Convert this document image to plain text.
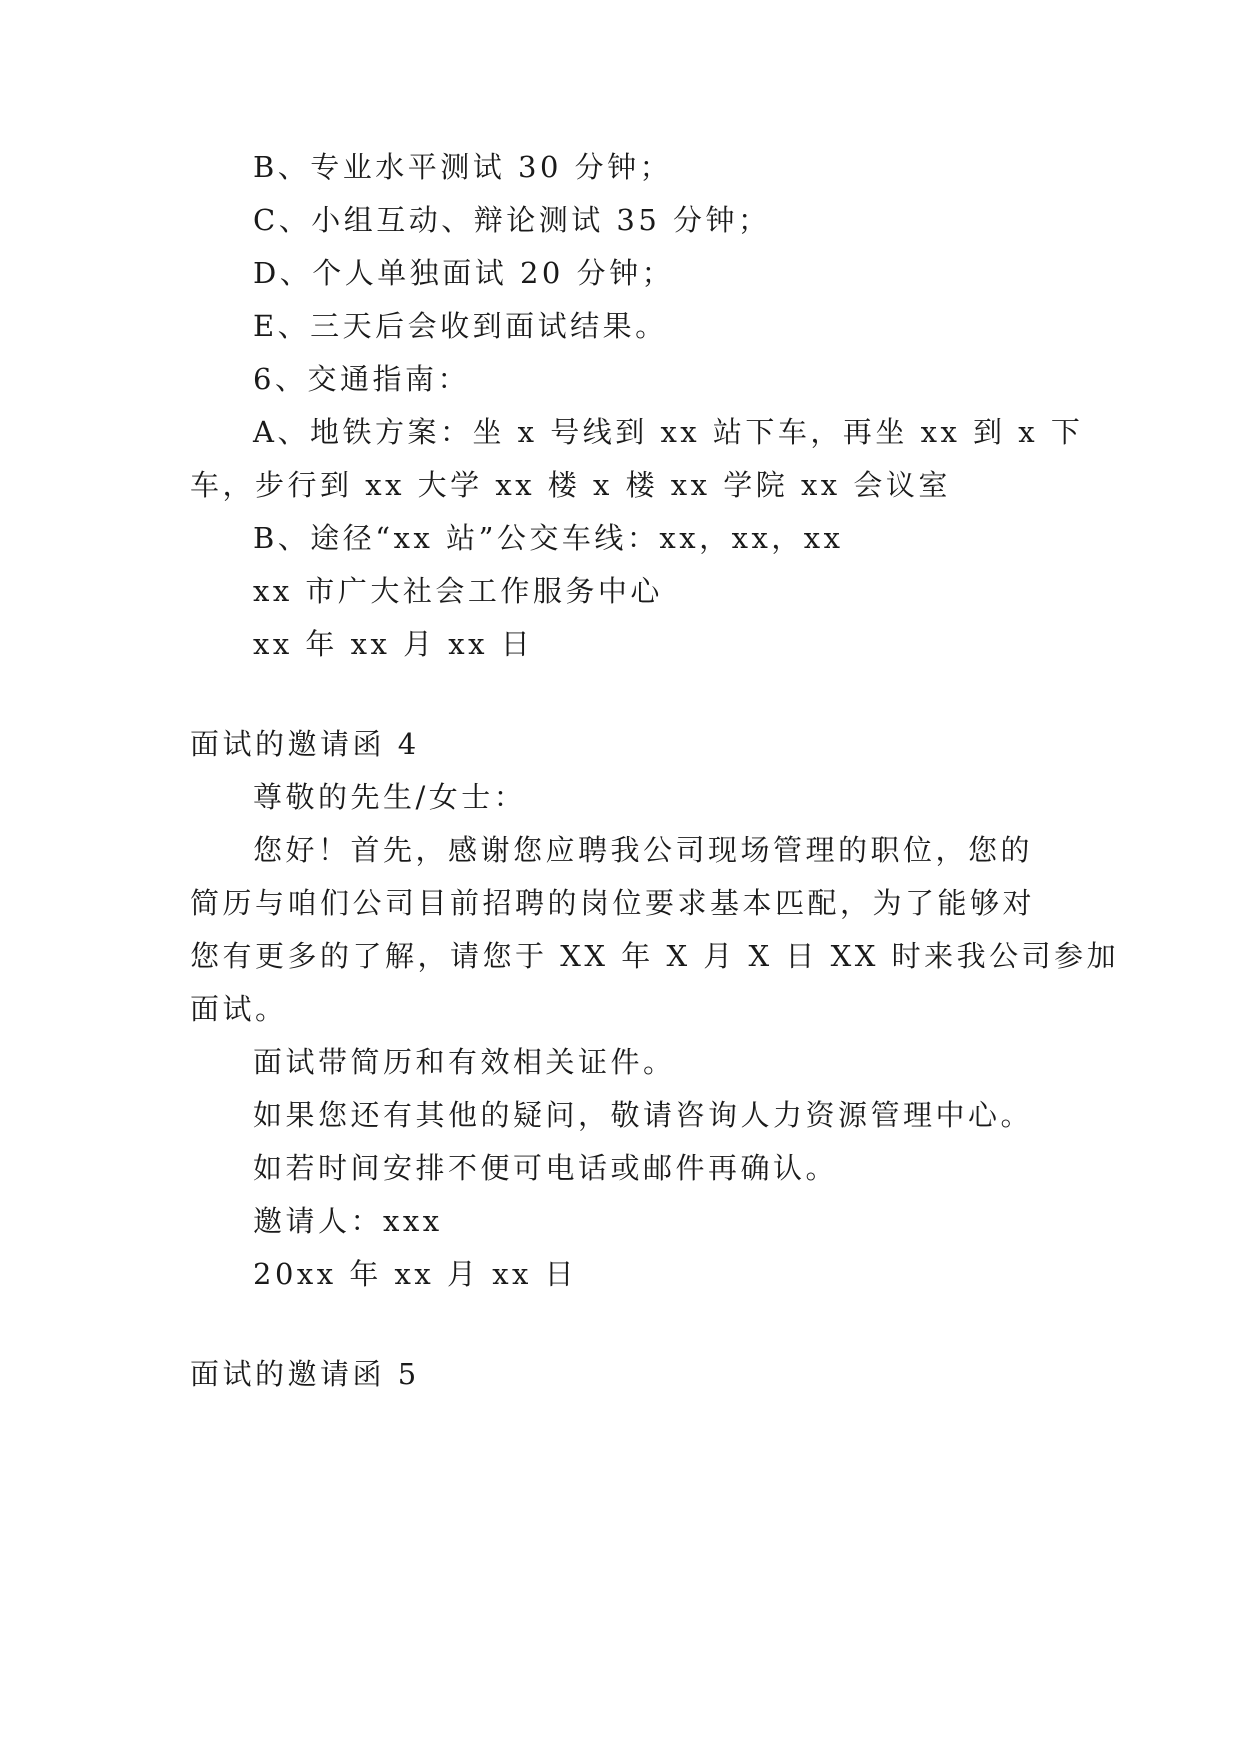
B、专业水平测试 30 分钟；
C、小组互动、辩论测试 35 分钟；
D、个人单独面试 20 分钟；
E、三天后会收到面试结果。
6、交通指南：
A、地铁方案：坐 x 号线到 xx 站下车，再坐 xx 到 x 下
车，步行到 xx 大学 xx 楼 x 楼 xx 学院 xx 会议室
B、途径“xx 站”公交车线：xx，xx，xx
xx 市广大社会工作服务中心
xx 年 xx 月 xx 日
面试的邀请函 4
尊敬的先生/女士：
您好！首先，感谢您应聘我公司现场管理的职位，您的
简历与咱们公司目前招聘的岗位要求基本匹配，为了能够对
您有更多的了解，请您于 XX 年 X 月 X 日 XX 时来我公司参加
面试。
面试带简历和有效相关证件。
如果您还有其他的疑问，敬请咨询人力资源管理中心。
如若时间安排不便可电话或邮件再确认。
邀请人：xxx
20xx 年 xx 月 xx 日
面试的邀请函 5
